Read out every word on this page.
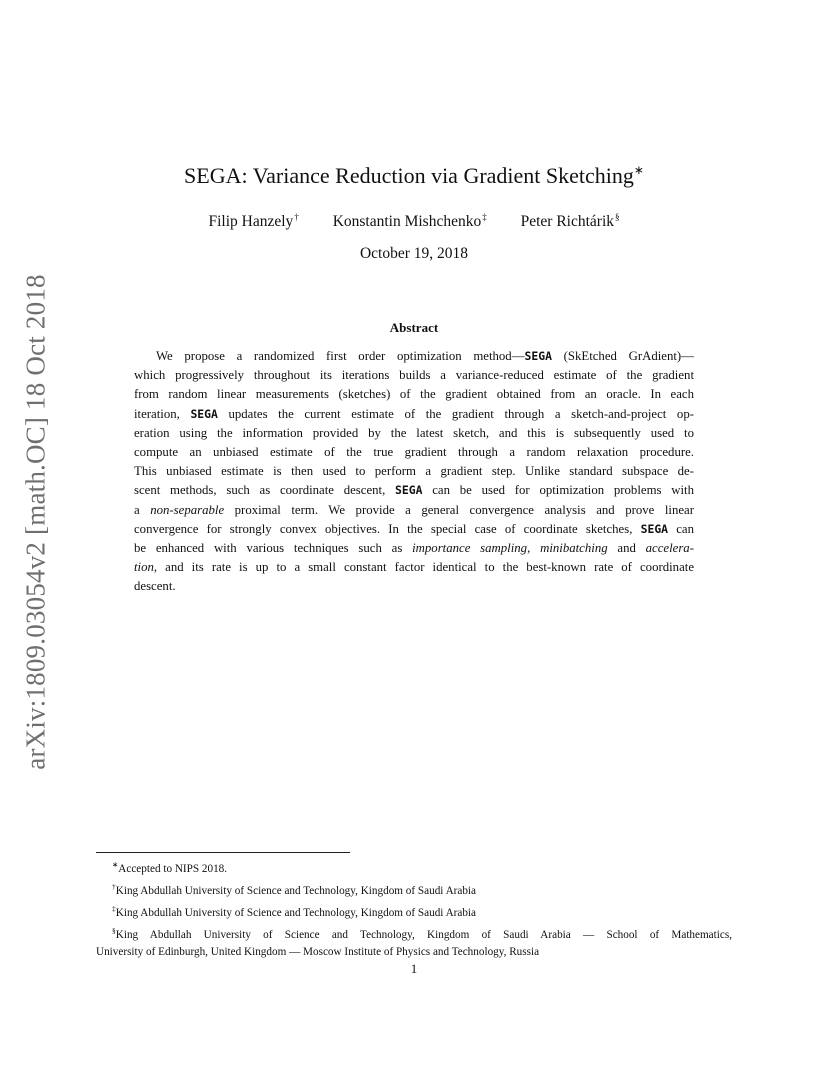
arXiv:1809.03054v2 [math.OC] 18 Oct 2018
SEGA: Variance Reduction via Gradient Sketching∗
Filip Hanzely† Konstantin Mishchenko‡ Peter Richtárik§
October 19, 2018
Abstract
We propose a randomized first order optimization method—SEGA (SkEtched GrAdient)—
which progressively throughout its iterations builds a variance-reduced estimate of the gradient
from random linear measurements (sketches) of the gradient obtained from an oracle. In each
iteration, SEGA updates the current estimate of the gradient through a sketch-and-project op-
eration using the information provided by the latest sketch, and this is subsequently used to
compute an unbiased estimate of the true gradient through a random relaxation procedure.
This unbiased estimate is then used to perform a gradient step. Unlike standard subspace de-
scent methods, such as coordinate descent, SEGA can be used for optimization problems with
a non-separable proximal term. We provide a general convergence analysis and prove linear
convergence for strongly convex objectives. In the special case of coordinate sketches, SEGA can
be enhanced with various techniques such as importance sampling, minibatching and accelera-
tion, and its rate is up to a small constant factor identical to the best-known rate of coordinate
descent.
∗Accepted to NIPS 2018.
†King Abdullah University of Science and Technology, Kingdom of Saudi Arabia
‡King Abdullah University of Science and Technology, Kingdom of Saudi Arabia
§King Abdullah University of Science and Technology, Kingdom of Saudi Arabia — School of Mathematics,
University of Edinburgh, United Kingdom — Moscow Institute of Physics and Technology, Russia
1
